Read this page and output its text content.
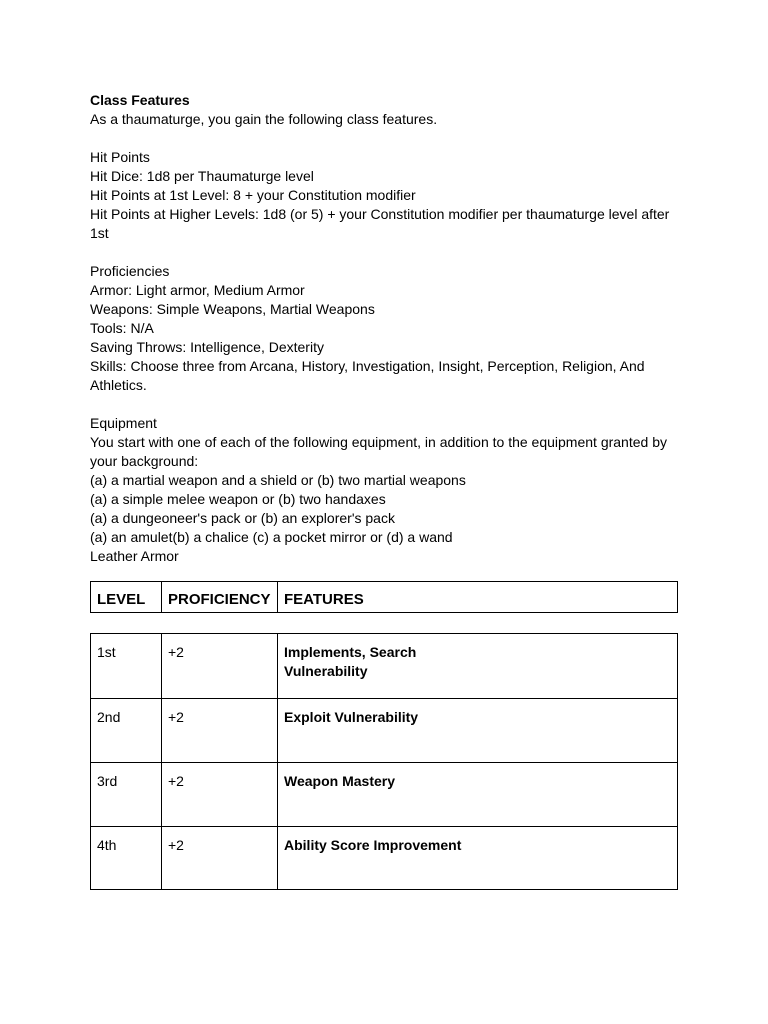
Class Features
As a thaumaturge, you gain the following class features.
Hit Points
Hit Dice: 1d8 per Thaumaturge level
Hit Points at 1st Level: 8 + your Constitution modifier
Hit Points at Higher Levels: 1d8 (or 5) + your Constitution modifier per thaumaturge level after 1st
Proficiencies
Armor: Light armor, Medium Armor
Weapons: Simple Weapons, Martial Weapons
Tools: N/A
Saving Throws: Intelligence, Dexterity
Skills: Choose three from Arcana, History, Investigation, Insight, Perception, Religion, And Athletics.
Equipment
You start with one of each of the following equipment, in addition to the equipment granted by your background:
(a) a martial weapon and a shield or (b) two martial weapons
(a) a simple melee weapon or (b) two handaxes
(a) a dungeoneer's pack or (b) an explorer's pack
(a) an amulet(b) a chalice (c) a pocket mirror or (d) a wand
Leather Armor
LEVEL	PROFICIENCY	FEATURES
1st	+2	Implements, Search Vulnerability

2nd	+2	Exploit Vulnerability
3rd	+2	Weapon Mastery
4th	+2	Ability Score Improvement
